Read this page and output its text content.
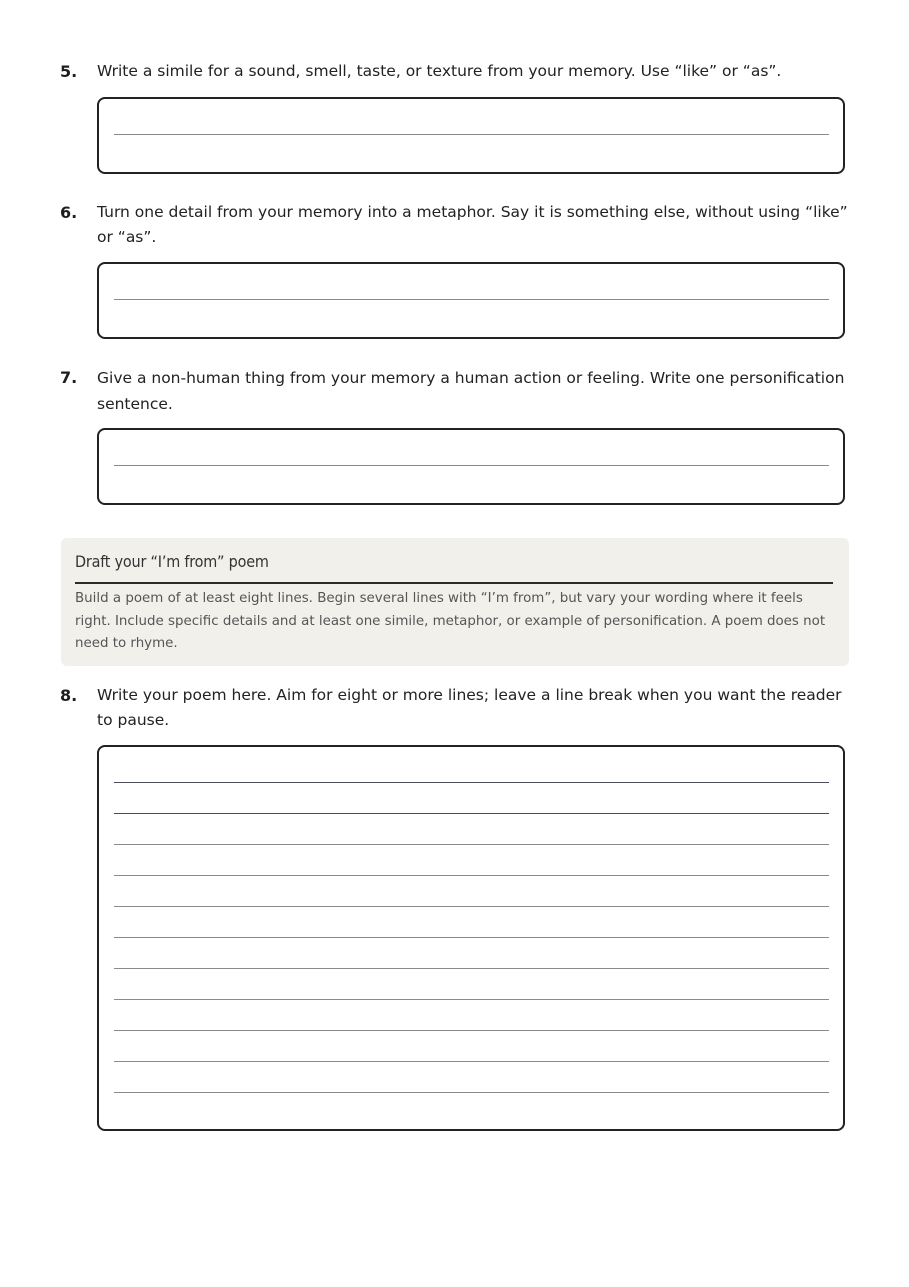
5. Write a simile for a sound, smell, taste, or texture from your memory. Use “like” or “as”.
6. Turn one detail from your memory into a metaphor. Say it is something else, without using “like” or “as”.
7. Give a non-human thing from your memory a human action or feeling. Write one personification sentence.
Draft your “I’m from” poem
Build a poem of at least eight lines. Begin several lines with “I’m from”, but vary your wording where it feels right. Include specific details and at least one simile, metaphor, or example of personification. A poem does not need to rhyme.
8. Write your poem here. Aim for eight or more lines; leave a line break when you want the reader to pause.
